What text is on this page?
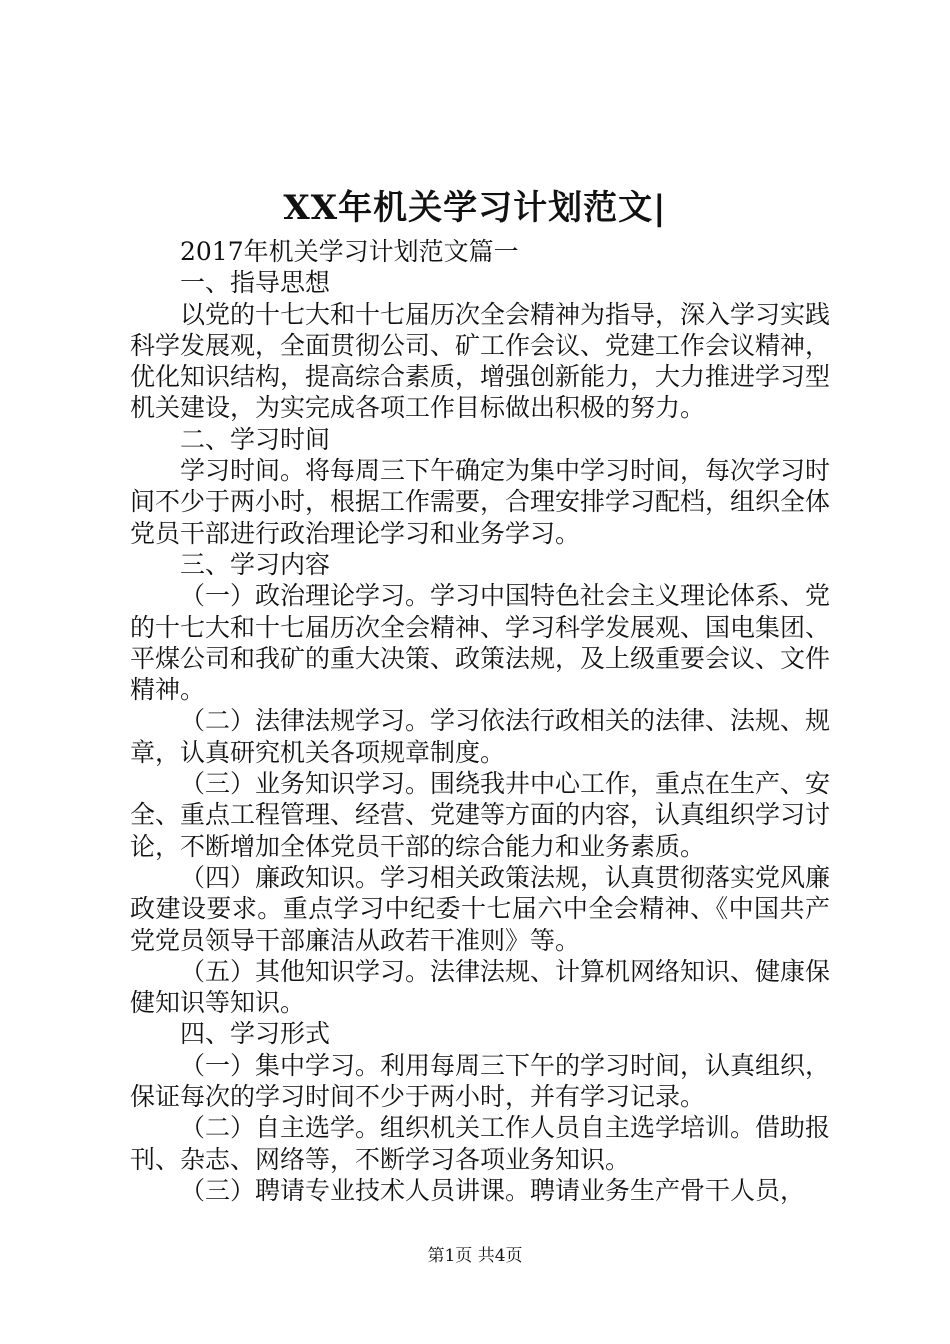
XX年机关学习计划范文|

2017年机关学习计划范文篇一

一、指导思想

以党的十七大和十七届历次全会精神为指导，深入学习实践科学发展观，全面贯彻公司、矿工作会议、党建工作会议精神，优化知识结构，提高综合素质，增强创新能力，大力推进学习型机关建设，为实完成各项工作目标做出积极的努力。

二、学习时间

学习时间。将每周三下午确定为集中学习时间，每次学习时间不少于两小时，根据工作需要，合理安排学习配档，组织全体党员干部进行政治理论学习和业务学习。

三、学习内容

（一）政治理论学习。学习中国特色社会主义理论体系、党的十七大和十七届历次全会精神、学习科学发展观、国电集团、平煤公司和我矿的重大决策、政策法规，及上级重要会议、文件精神。

（二）法律法规学习。学习依法行政相关的法律、法规、规章，认真研究机关各项规章制度。

（三）业务知识学习。围绕我井中心工作，重点在生产、安全、重点工程管理、经营、党建等方面的内容，认真组织学习讨论，不断增加全体党员干部的综合能力和业务素质。

（四）廉政知识。学习相关政策法规，认真贯彻落实党风廉政建设要求。重点学习中纪委十七届六中全会精神、《中国共产党党员领导干部廉洁从政若干准则》等。

（五）其他知识学习。法律法规、计算机网络知识、健康保健知识等知识。

四、学习形式

（一）集中学习。利用每周三下午的学习时间，认真组织，保证每次的学习时间不少于两小时，并有学习记录。

（二）自主选学。组织机关工作人员自主选学培训。借助报刊、杂志、网络等，不断学习各项业务知识。

（三）聘请专业技术人员讲课。聘请业务生产骨干人员，

第1页 共4页
